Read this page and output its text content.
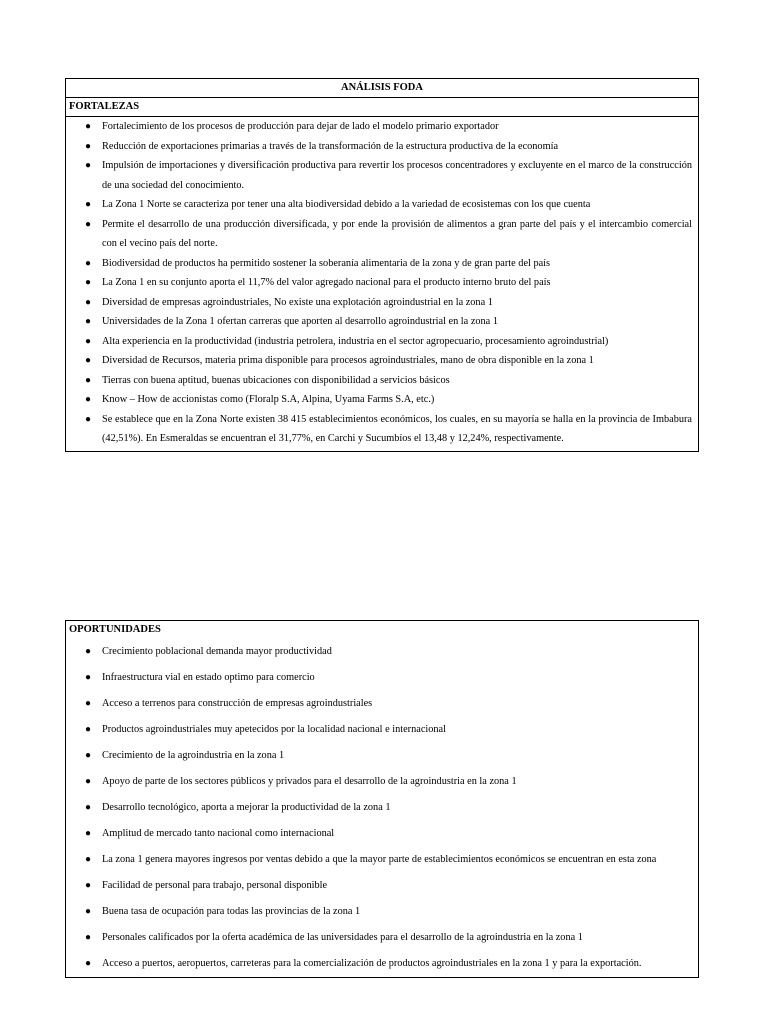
ANÁLISIS FODA
FORTALEZAS
● Fortalecimiento de los procesos de producción para dejar de lado el modelo primario exportador
● Reducción de exportaciones primarias a través de la transformación de la estructura productiva de la economía
● Impulsión de importaciones y diversificación productiva para revertir los procesos concentradores y excluyente en el marco de la construcción de una sociedad del conocimiento.
● La Zona 1 Norte se caracteriza por tener una alta biodiversidad debido a la variedad de ecosistemas con los que cuenta
● Permite el desarrollo de una producción diversificada, y por ende la provisión de alimentos a gran parte del país y el intercambio comercial con el vecino país del norte.
● Biodiversidad de productos ha permitido sostener la soberanía alimentaria de la zona y de gran parte del país
● La Zona 1 en su conjunto aporta el 11,7% del valor agregado nacional para el producto interno bruto del país
● Diversidad de empresas agroindustriales, No existe una explotación agroindustrial en la zona 1
● Universidades de la Zona 1 ofertan carreras que aporten al desarrollo agroindustrial en la zona 1
● Alta experiencia en la productividad (industria petrolera, industria en el sector agropecuario, procesamiento agroindustrial)
● Diversidad de Recursos, materia prima disponible para procesos agroindustriales, mano de obra disponible en la zona 1
● Tierras con buena aptitud, buenas ubicaciones con disponibilidad a servicios básicos
● Know – How de accionistas como (Floralp S.A, Alpina, Uyama Farms S.A, etc.)
● Se establece que en la Zona Norte existen 38 415 establecimientos económicos, los cuales, en su mayoría se halla en la provincia de Imbabura (42,51%). En Esmeraldas se encuentran el 31,77%, en Carchi y Sucumbíos el 13,48 y 12,24%, respectivamente.
OPORTUNIDADES
● Crecimiento poblacional demanda mayor productividad
● Infraestructura vial en estado optimo para comercio
● Acceso a terrenos para construcción de empresas agroindustriales
● Productos agroindustriales muy apetecidos por la localidad nacional e internacional
● Crecimiento de la agroindustria en la zona 1
● Apoyo de parte de los sectores públicos y privados para el desarrollo de la agroindustria en la zona 1
● Desarrollo tecnológico, aporta a mejorar la productividad de la zona 1
● Amplitud de mercado tanto nacional como internacional
● La zona 1 genera mayores ingresos por ventas debido a que la mayor parte de establecimientos económicos se encuentran en esta zona
● Facilidad de personal para trabajo, personal disponible
● Buena tasa de ocupación para todas las provincias de la zona 1
● Personales calificados por la oferta académica de las universidades para el desarrollo de la agroindustria en la zona 1
● Acceso a puertos, aeropuertos, carreteras para la comercialización de productos agroindustriales en la zona 1 y para la exportación.
